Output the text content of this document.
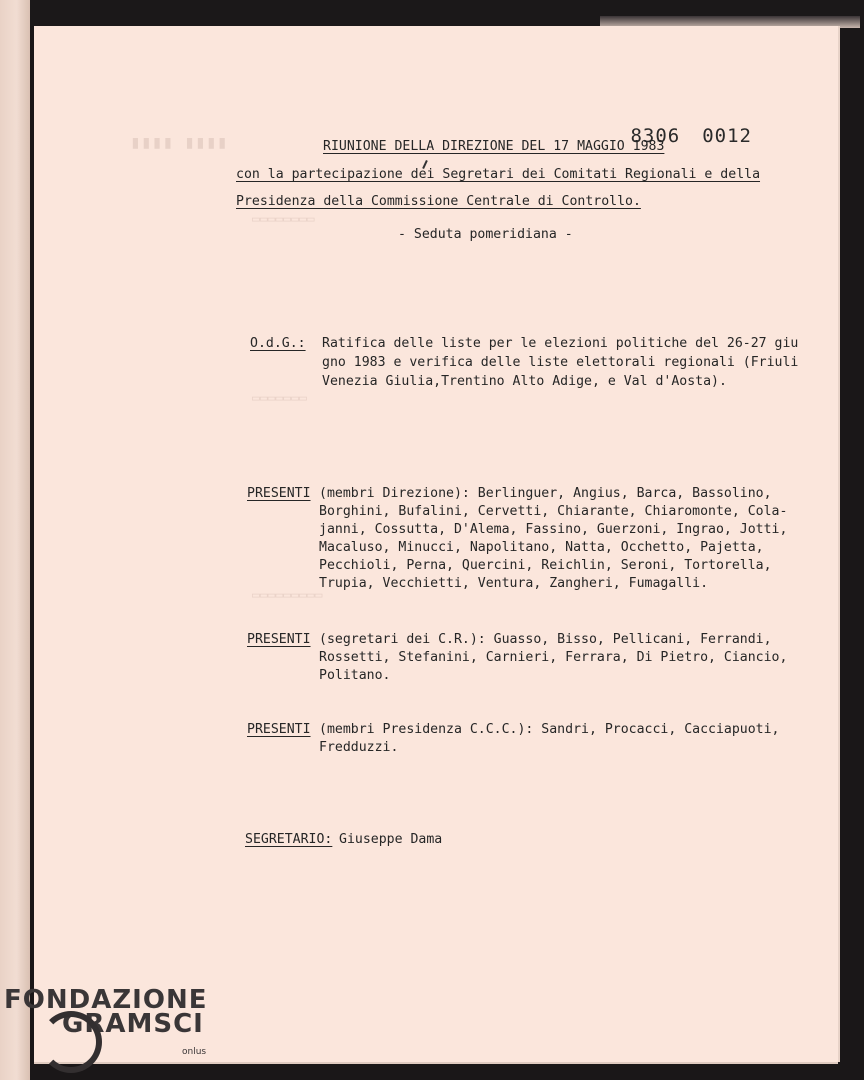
▮▮▮▮ ▮▮▮▮
▭▭▭▭▭▭▭▭
▭▭▭▭▭▭▭
▭▭▭▭▭▭▭▭▭
8306 0012
RIUNIONE DELLA DIREZIONE DEL 17 MAGGIO 1983
con la partecipazione dei Segretari dei Comitati Regionali e della
Presidenza della Commissione Centrale di Controllo.
- Seduta pomeridiana -
O.d.G.: Ratifica delle liste per le elezioni politiche del 26-27 giu
gno 1983 e verifica delle liste elettorali regionali (Friuli
Venezia Giulia,Trentino Alto Adige, e Val d'Aosta).
PRESENTI (membri Direzione): Berlinguer, Angius, Barca, Bassolino,
Borghini, Bufalini, Cervetti, Chiarante, Chiaromonte, Cola-
janni, Cossutta, D'Alema, Fassino, Guerzoni, Ingrao, Jotti,
Macaluso, Minucci, Napolitano, Natta, Occhetto, Pajetta,
Pecchioli, Perna, Quercini, Reichlin, Seroni, Tortorella,
Trupia, Vecchietti, Ventura, Zangheri, Fumagalli.
PRESENTI (segretari dei C.R.): Guasso, Bisso, Pellicani, Ferrandi,
Rossetti, Stefanini, Carnieri, Ferrara, Di Pietro, Ciancio,
Politano.
PRESENTI (membri Presidenza C.C.C.): Sandri, Procacci, Cacciapuoti,
Fredduzzi.
SEGRETARIO: Giuseppe Dama
FONDAZIONE
GRAMSCI
onlus
